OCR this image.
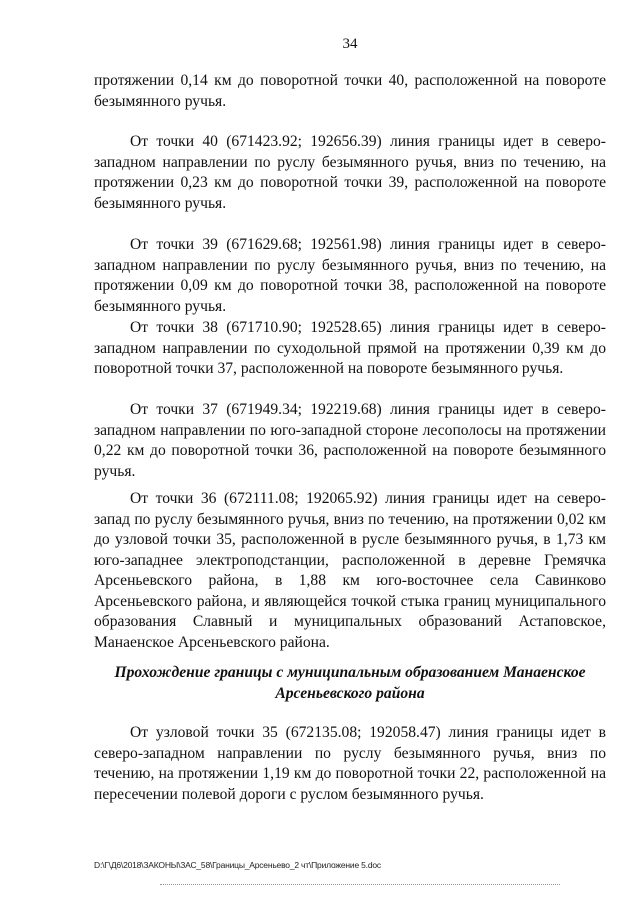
34

протяжении 0,14 км до поворотной точки 40, расположенной на повороте безымянного ручья.

От точки 40 (671423.92; 192656.39) линия границы идет в северо-западном направлении по руслу безымянного ручья, вниз по течению, на протяжении 0,23 км до поворотной точки 39, расположенной на повороте безымянного ручья.

От точки 39 (671629.68; 192561.98) линия границы идет в северо-западном направлении по руслу безымянного ручья, вниз по течению, на протяжении 0,09 км до поворотной точки 38, расположенной на повороте безымянного ручья.

От точки 38 (671710.90; 192528.65) линия границы идет в северо-западном направлении по суходольной прямой на протяжении 0,39 км до поворотной точки 37, расположенной на повороте безымянного ручья.

От точки 37 (671949.34; 192219.68) линия границы идет в северо-западном направлении по юго-западной стороне лесополосы на протяжении 0,22 км до поворотной точки 36, расположенной на повороте безымянного ручья.

От точки 36 (672111.08; 192065.92) линия границы идет на северо-запад по руслу безымянного ручья, вниз по течению, на протяжении 0,02 км до узловой точки 35, расположенной в русле безымянного ручья, в 1,73 км юго-западнее электроподстанции, расположенной в деревне Гремячка Арсеньевского района, в 1,88 км юго-восточнее села Савинково Арсеньевского района, и являющейся точкой стыка границ муниципального образования Славный и муниципальных образований Астаповское, Манаенское Арсеньевского района.

Прохождение границы с муниципальным образованием Манаенское Арсеньевского района

От узловой точки 35 (672135.08; 192058.47) линия границы идет в северо-западном направлении по руслу безымянного ручья, вниз по течению, на протяжении 1,19 км до поворотной точки 22, расположенной на пересечении полевой дороги с руслом безымянного ручья.

D:\Г\Д6\2018\ЗАКОНЫ\ЗАС_58\Границы_Арсеньево_2 чт\Приложение 5.doc
